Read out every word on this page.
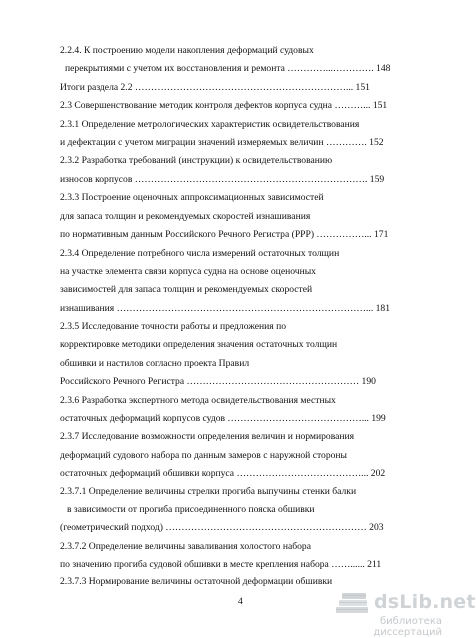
2.2.4. К построению модели накопления деформаций судовых
перекрытиями с учетом их восстановления и ремонта …………...…………. 148
Итоги раздела 2.2 …………………………………………………………... 151
2.3 Совершенствование методик контроля дефектов корпуса судна ………... 151
2.3.1 Определение метрологических характеристик освидетельствования
и дефектации с учетом миграции значений измеряемых величин …………. 152
2.3.2 Разработка требований (инструкции) к освидетельствованию
износов корпусов ………………………………………………………………. 159
2.3.3 Построение оценочных аппроксимационных зависимостей
для запаса толщин и рекомендуемых скоростей изнашивания
по нормативным данным Российского Речного Регистра (РРР) ……………... 171
2.3.4 Определение потребного числа измерений остаточных толщин
на участке элемента связи корпуса судна на основе оценочных
зависимостей для запаса толщин и рекомендуемых скоростей
изнашивания ……………………………………………………………………... 181
2.3.5 Исследование точности работы и предложения по
корректировке методики определения значения остаточных толщин
обшивки и настилов согласно проекта Правил
Российского Речного Регистра ……………………………………………… 190
2.3.6 Разработка экспертного метода освидетельствования местных
остаточных деформаций корпусов судов ……………………………………... 199
2.3.7 Исследование возможности определения величин и нормирования
деформаций судового набора по данным замеров с наружной стороны
остаточных деформаций обшивки корпуса …………………………………... 202
2.3.7.1 Определение величины стрелки прогиба выпучины стенки балки
в зависимости от прогиба присоединенного пояска обшивки
(геометрический подход) ……………………………………………………… 203
2.3.7.2 Определение величины заваливания холостого набора
по значению прогиба судовой обшивки в месте крепления набора ……...... 211
2.3.7.3 Нормирование величины остаточной деформации обшивки
4	dsLib.net
библиотека диссертаций
